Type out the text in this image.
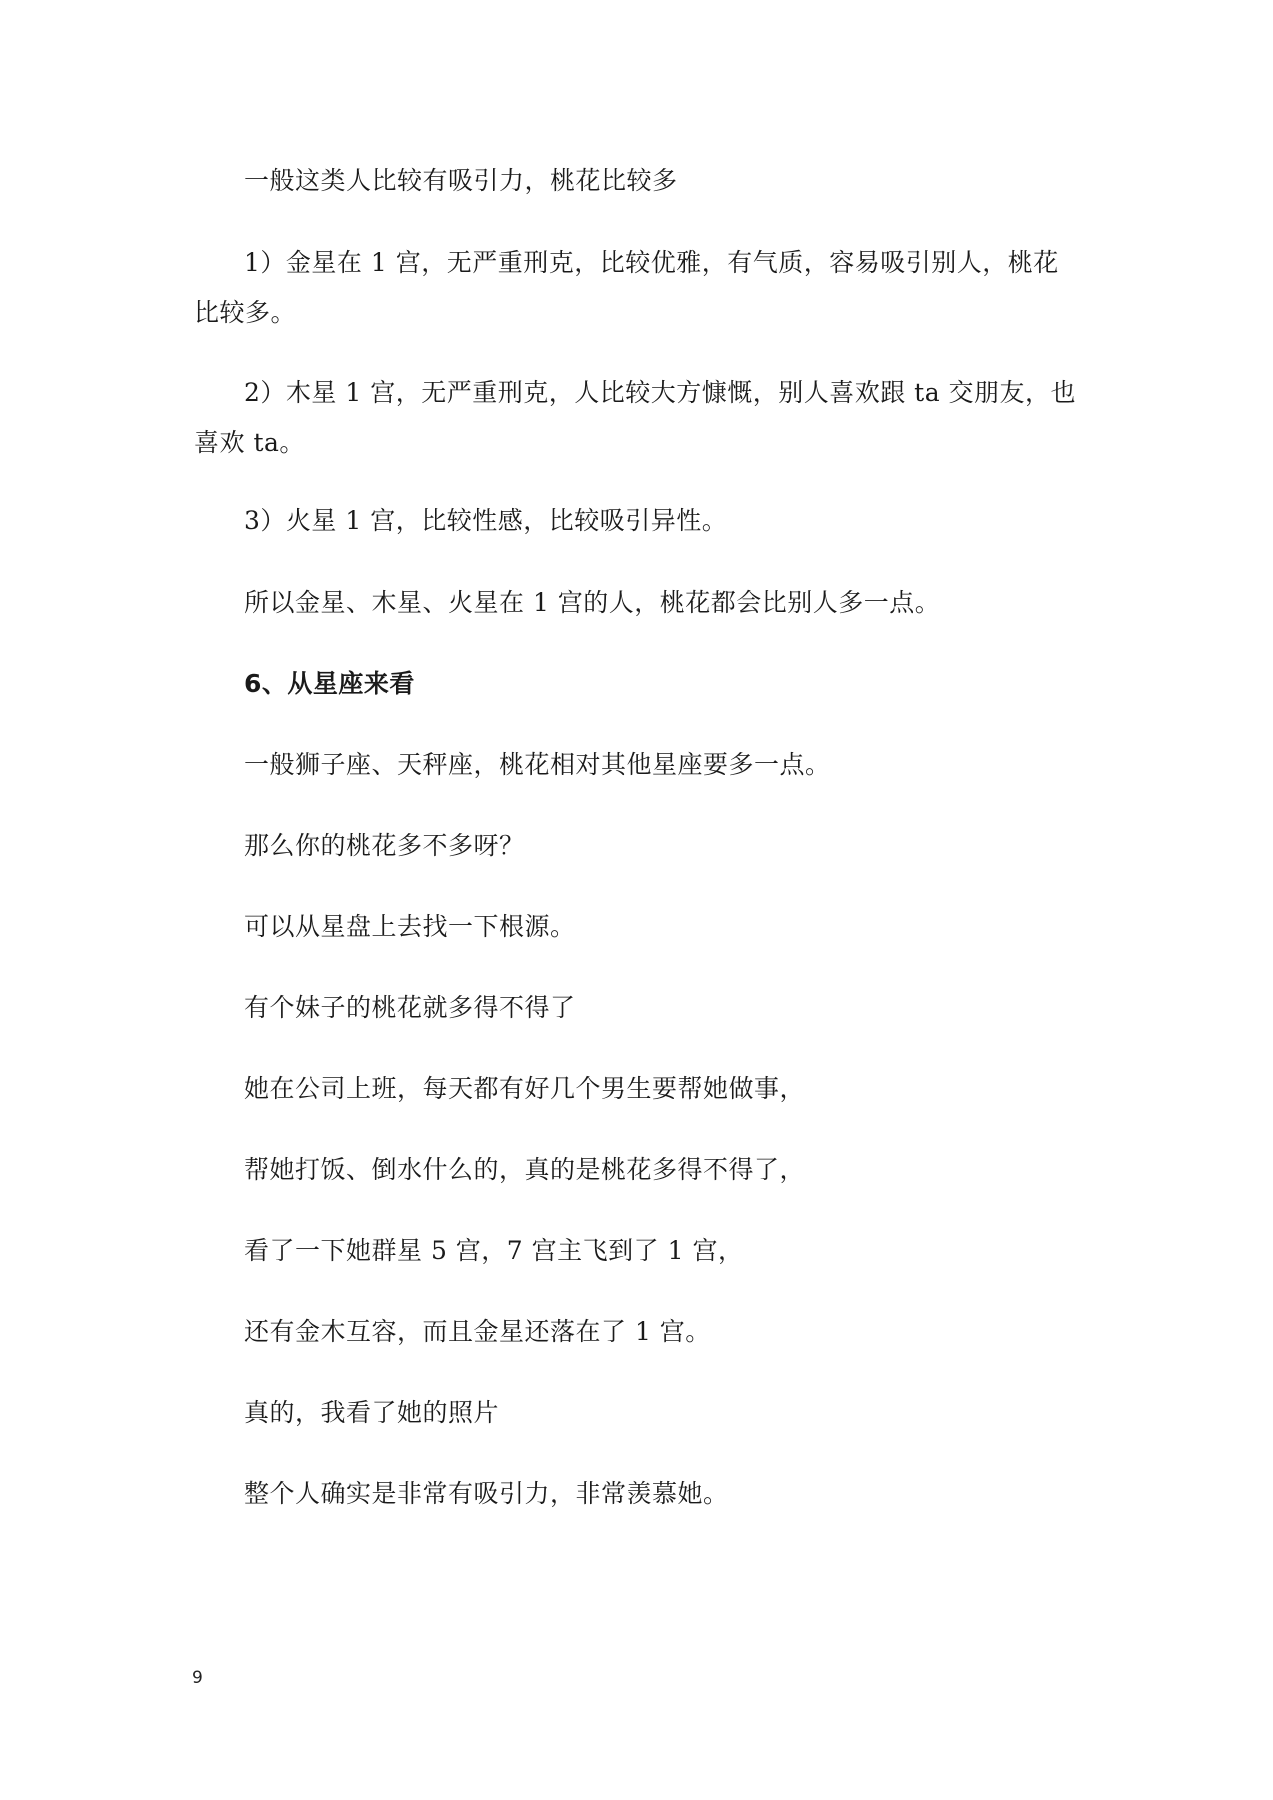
一般这类人比较有吸引力，桃花比较多
1）金星在 1 宫，无严重刑克，比较优雅，有气质，容易吸引别人，桃花比较多。
2）木星 1 宫，无严重刑克，人比较大方慷慨，别人喜欢跟 ta 交朋友，也喜欢 ta。
3）火星 1 宫，比较性感，比较吸引异性。
所以金星、木星、火星在 1 宫的人，桃花都会比别人多一点。
6、从星座来看
一般狮子座、天秤座，桃花相对其他星座要多一点。
那么你的桃花多不多呀？
可以从星盘上去找一下根源。
有个妹子的桃花就多得不得了
她在公司上班，每天都有好几个男生要帮她做事，
帮她打饭、倒水什么的，真的是桃花多得不得了，
看了一下她群星 5 宫，7 宫主飞到了 1 宫，
还有金木互容，而且金星还落在了 1 宫。
真的，我看了她的照片
整个人确实是非常有吸引力，非常羡慕她。
9
